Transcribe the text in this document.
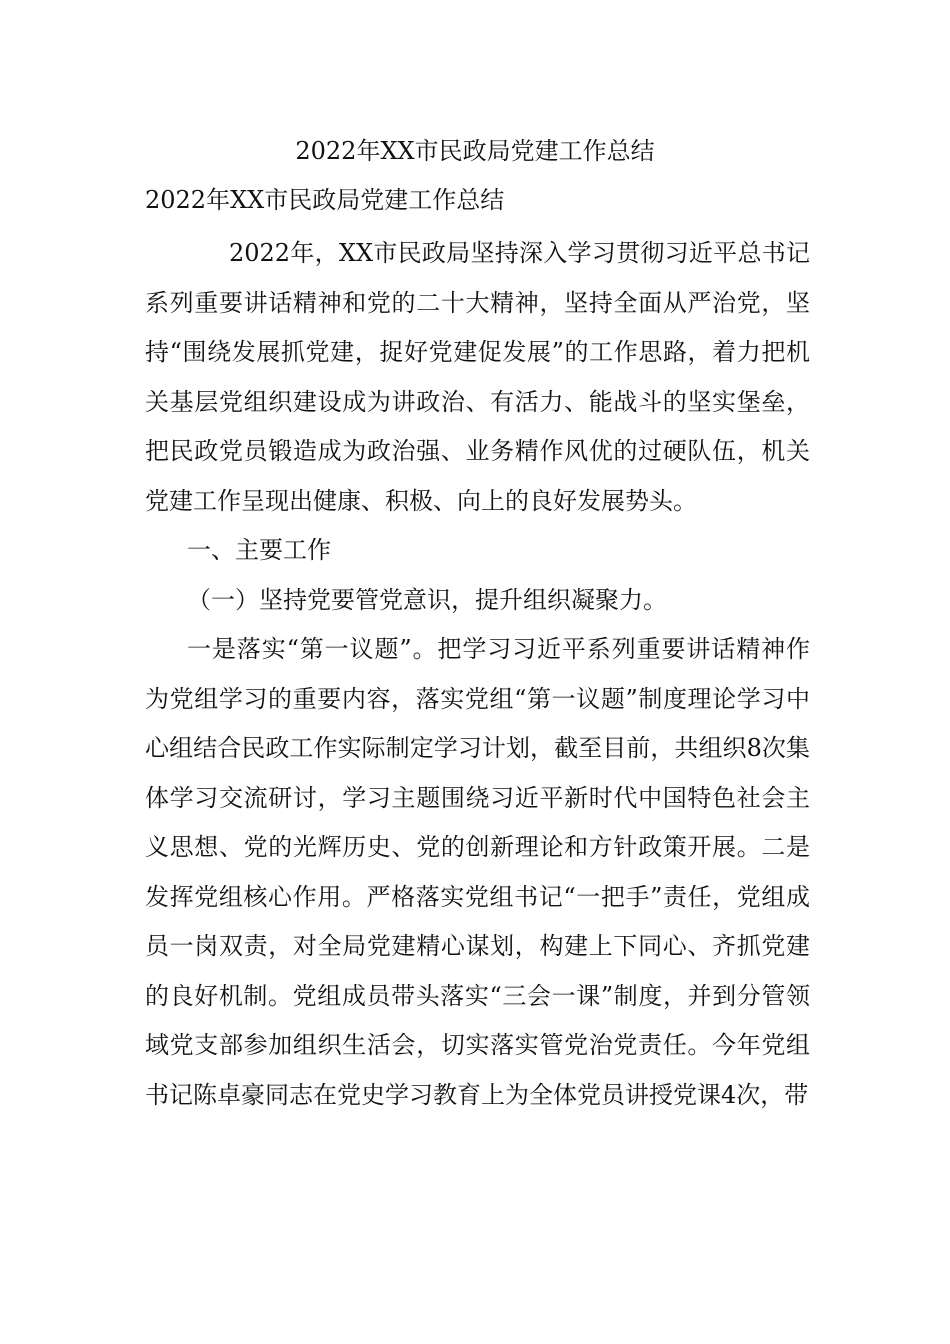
2022年XX市民政局党建工作总结
2022年XX市民政局党建工作总结

2022年，XX市民政局坚持深入学习贯彻习近平总书记系列重要讲话精神和党的二十大精神，坚持全面从严治党，坚持“围绕发展抓党建，捉好党建促发展”的工作思路，着力把机关基层党组织建设成为讲政治、有活力、能战斗的坚实堡垒，把民政党员锻造成为政治强、业务精作风优的过硬队伍，机关党建工作呈现出健康、积极、向上的良好发展势头。

一、主要工作

（一）坚持党要管党意识，提升组织凝聚力。

一是落实“第一议题”。把学习习近平系列重要讲话精神作为党组学习的重要内容，落实党组“第一议题”制度理论学习中心组结合民政工作实际制定学习计划，截至目前，共组织8次集体学习交流研讨，学习主题围绕习近平新时代中国特色社会主义思想、党的光辉历史、党的创新理论和方针政策开展。二是发挥党组核心作用。严格落实党组书记“一把手”责任，党组成员一岗双责，对全局党建精心谋划，构建上下同心、齐抓党建的良好机制。党组成员带头落实“三会一课”制度，并到分管领域党支部参加组织生活会，切实落实管党治党责任。今年党组书记陈卓豪同志在党史学习教育上为全体党员讲授党课4次，带
